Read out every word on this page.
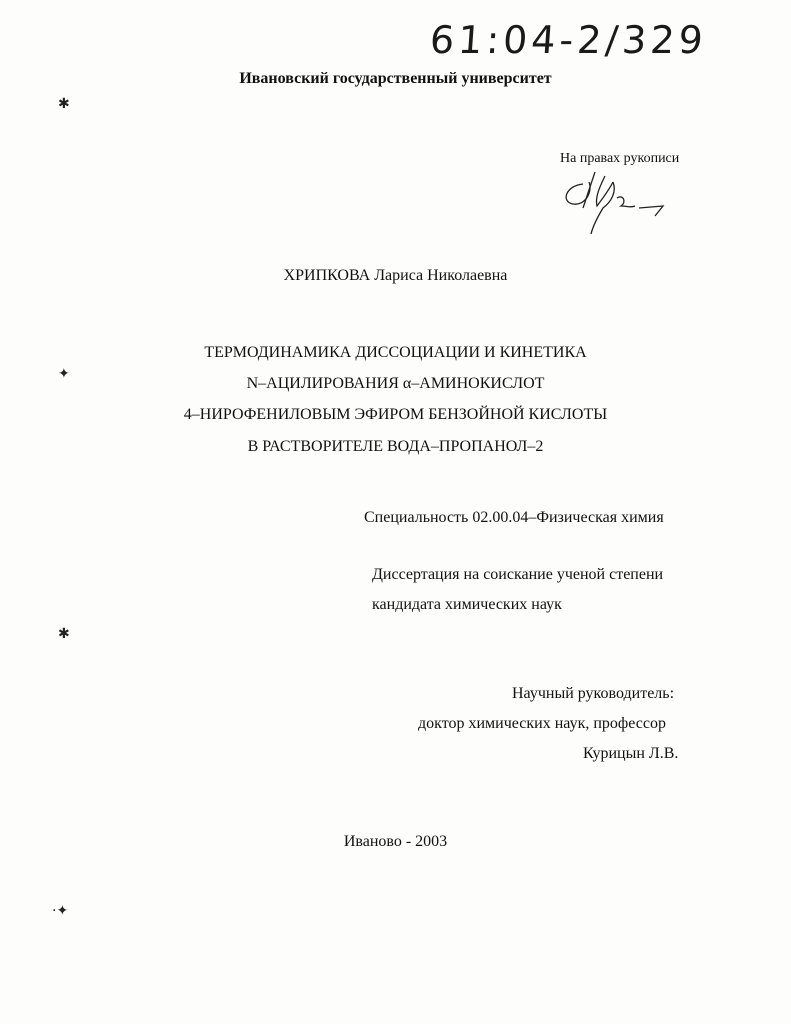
61:04-2/329
Ивановский государственный университет
На правах рукописи
✱
✦
✱
·✦
ХРИПКОВА Лариса Николаевна
ТЕРМОДИНАМИКА ДИССОЦИАЦИИ И КИНЕТИКА
N–АЦИЛИРОВАНИЯ α–АМИНОКИСЛОТ
4–НИРОФЕНИЛОВЫМ ЭФИРОМ БЕНЗОЙНОЙ КИСЛОТЫ
В РАСТВОРИТЕЛЕ ВОДА–ПРОПАНОЛ–2
Специальность 02.00.04–Физическая химия
Диссертация на соискание ученой степени
кандидата химических наук
Научный руководитель:
доктор химических наук, профессор
Курицын Л.В.
Иваново - 2003
